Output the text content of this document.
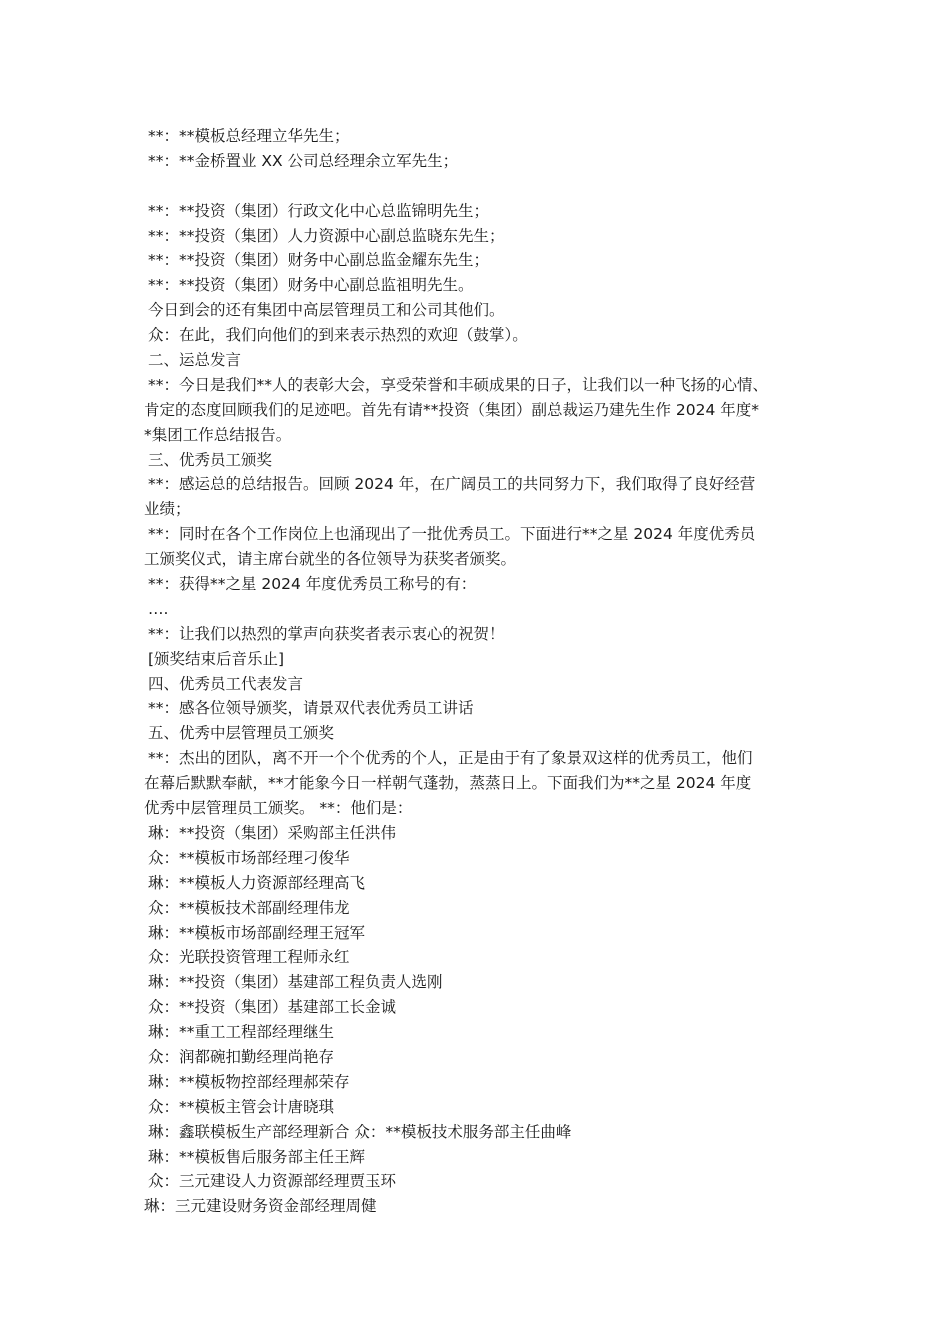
**：**模板总经理立华先生；
**：**金桥置业 XX 公司总经理余立军先生；
**：**投资（集团）行政文化中心总监锦明先生；
**：**投资（集团）人力资源中心副总监晓东先生；
**：**投资（集团）财务中心副总监金耀东先生；
**：**投资（集团）财务中心副总监祖明先生。
今日到会的还有集团中高层管理员工和公司其他们。
众：在此，我们向他们的到来表示热烈的欢迎（鼓掌）。
二、运总发言
**：今日是我们**人的表彰大会，享受荣誉和丰硕成果的日子，让我们以一种飞扬的心情、
肯定的态度回顾我们的足迹吧。首先有请**投资（集团）副总裁运乃建先生作 2024 年度*
*集团工作总结报告。
三、优秀员工颁奖
**：感运总的总结报告。回顾 2024 年，在广阔员工的共同努力下，我们取得了良好经营
业绩；
**：同时在各个工作岗位上也涌现出了一批优秀员工。下面进行**之星 2024 年度优秀员
工颁奖仪式，请主席台就坐的各位领导为获奖者颁奖。
**：获得**之星 2024 年度优秀员工称号的有：
….
**：让我们以热烈的掌声向获奖者表示衷心的祝贺！
[颁奖结束后音乐止]
四、优秀员工代表发言
**：感各位领导颁奖，请景双代表优秀员工讲话
五、优秀中层管理员工颁奖
**：杰出的团队，离不开一个个优秀的个人，正是由于有了象景双这样的优秀员工，他们
在幕后默默奉献，**才能象今日一样朝气蓬勃，蒸蒸日上。下面我们为**之星 2024 年度
优秀中层管理员工颁奖。 **：他们是：
琳：**投资（集团）采购部主任洪伟
众：**模板市场部经理刁俊华
琳：**模板人力资源部经理高飞
众：**模板技术部副经理伟龙
琳：**模板市场部副经理王冠军
众：光联投资管理工程师永红
琳：**投资（集团）基建部工程负责人选刚
众：**投资（集团）基建部工长金诚
琳：**重工工程部经理继生
众：润都碗扣勤经理尚艳存
琳：**模板物控部经理郝荣存
众：**模板主管会计唐晓琪
琳：鑫联模板生产部经理新合 众：**模板技术服务部主任曲峰
琳：**模板售后服务部主任王辉
众：三元建设人力资源部经理贾玉环
琳：三元建设财务资金部经理周健
